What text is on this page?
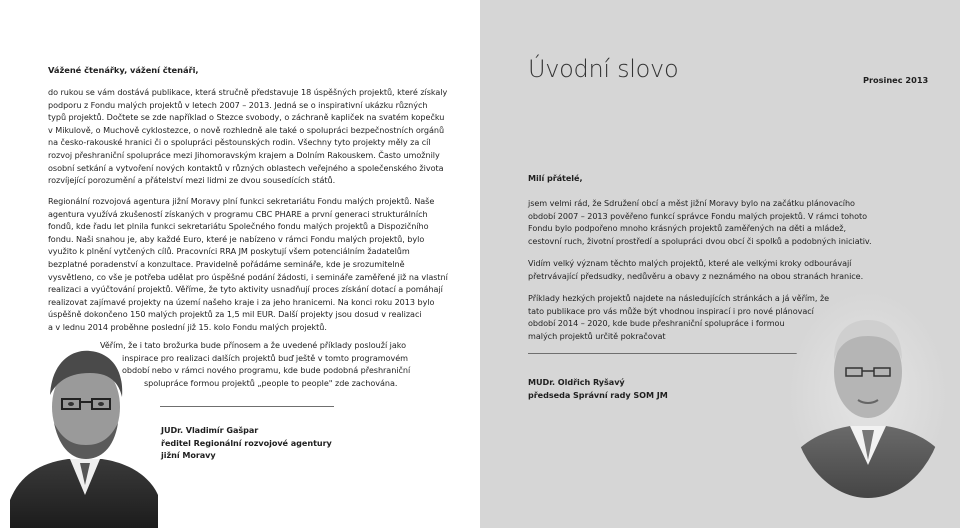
Vážené čtenářky, vážení čtenáři,

do rukou se vám dostává publikace, která stručně představuje 18 úspěšných projektů, které získaly

podporu z Fondu malých projektů v letech 2007 – 2013. Jedná se o inspirativní ukázku různých

typů projektů. Dočtete se zde například o Stezce svobody, o záchraně kapliček na svatém kopečku

v Mikulově, o Muchově cyklostezce, o nově rozhledně ale také o spolupráci bezpečnostních orgánů

na česko-rakouské hranici či o spolupráci pěstounských rodin. Všechny tyto projekty měly za cíl

rozvoj přeshraniční spolupráce mezi Jihomoravským krajem a Dolním Rakouskem. Často umožnily

osobní setkání a vytvoření nových kontaktů v různých oblastech veřejného a společenského života

rozvíjející porozumění a přátelství mezi lidmi ze dvou sousedících států.

Regionální rozvojová agentura jižní Moravy plní funkci sekretariátu Fondu malých projektů. Naše

agentura využívá zkušeností získaných v programu CBC PHARE a první generaci strukturálních

fondů, kde řadu let plnila funkci sekretariátu Společného fondu malých projektů a Dispozičního

fondu. Naši snahou je, aby každé Euro, které je nabízeno v rámci Fondu malých projektů, bylo

využito k plnění vytčených cílů. Pracovníci RRA JM poskytují všem potenciálním žadatelům

bezplatné poradenství a konzultace. Pravidelně pořádáme semináře, kde je srozumitelně

vysvětleno, co vše je potřeba udělat pro úspěšné podání žádosti, i semináře zaměřené již na vlastní

realizaci a vyúčtování projektů. Věříme, že tyto aktivity usnadňují proces získání dotací a pomáhají

realizovat zajímavé projekty na území našeho kraje i za jeho hranicemi. Na konci roku 2013 bylo

úspěšně dokončeno 150 malých projektů za 1,5 mil EUR. Další projekty jsou dosud v realizaci

a v lednu 2014 proběhne poslední již 15. kolo Fondu malých projektů.

Věřím, že i tato brožurka bude přínosem a že uvedené příklady poslouží jako

inspirace pro realizaci dalších projektů buď ještě v tomto programovém

období nebo v rámci nového programu, kde bude podobná přeshraniční

spolupráce formou projektů „people to people" zde zachována.

JUDr. Vladimír Gašpar

ředitel Regionální rozvojové agentury

jižní Moravy

Úvodní slovo	Prosinec 2013

Milí přátelé,

jsem velmi rád, že Sdružení obcí a měst jižní Moravy bylo na začátku plánovacího

období 2007 – 2013 pověřeno funkcí správce Fondu malých projektů. V rámci tohoto

Fondu bylo podpořeno mnoho krásných projektů zaměřených na děti a mládež,

cestovní ruch, životní prostředí a spolupráci dvou obcí či spolků a podobných iniciativ.

Vidím velký význam těchto malých projektů, které ale velkými kroky odbourávají

přetrvávající předsudky, nedůvěru a obavy z neznámého na obou stranách hranice.

Příklady hezkých projektů najdete na následujících stránkách a já věřím, že

tato publikace pro vás může být vhodnou inspirací i pro nové plánovací

období 2014 – 2020, kde bude přeshraniční spolupráce i formou

malých projektů určitě pokračovat

MUDr. Oldřich Ryšavý

předseda Správní rady SOM JM
